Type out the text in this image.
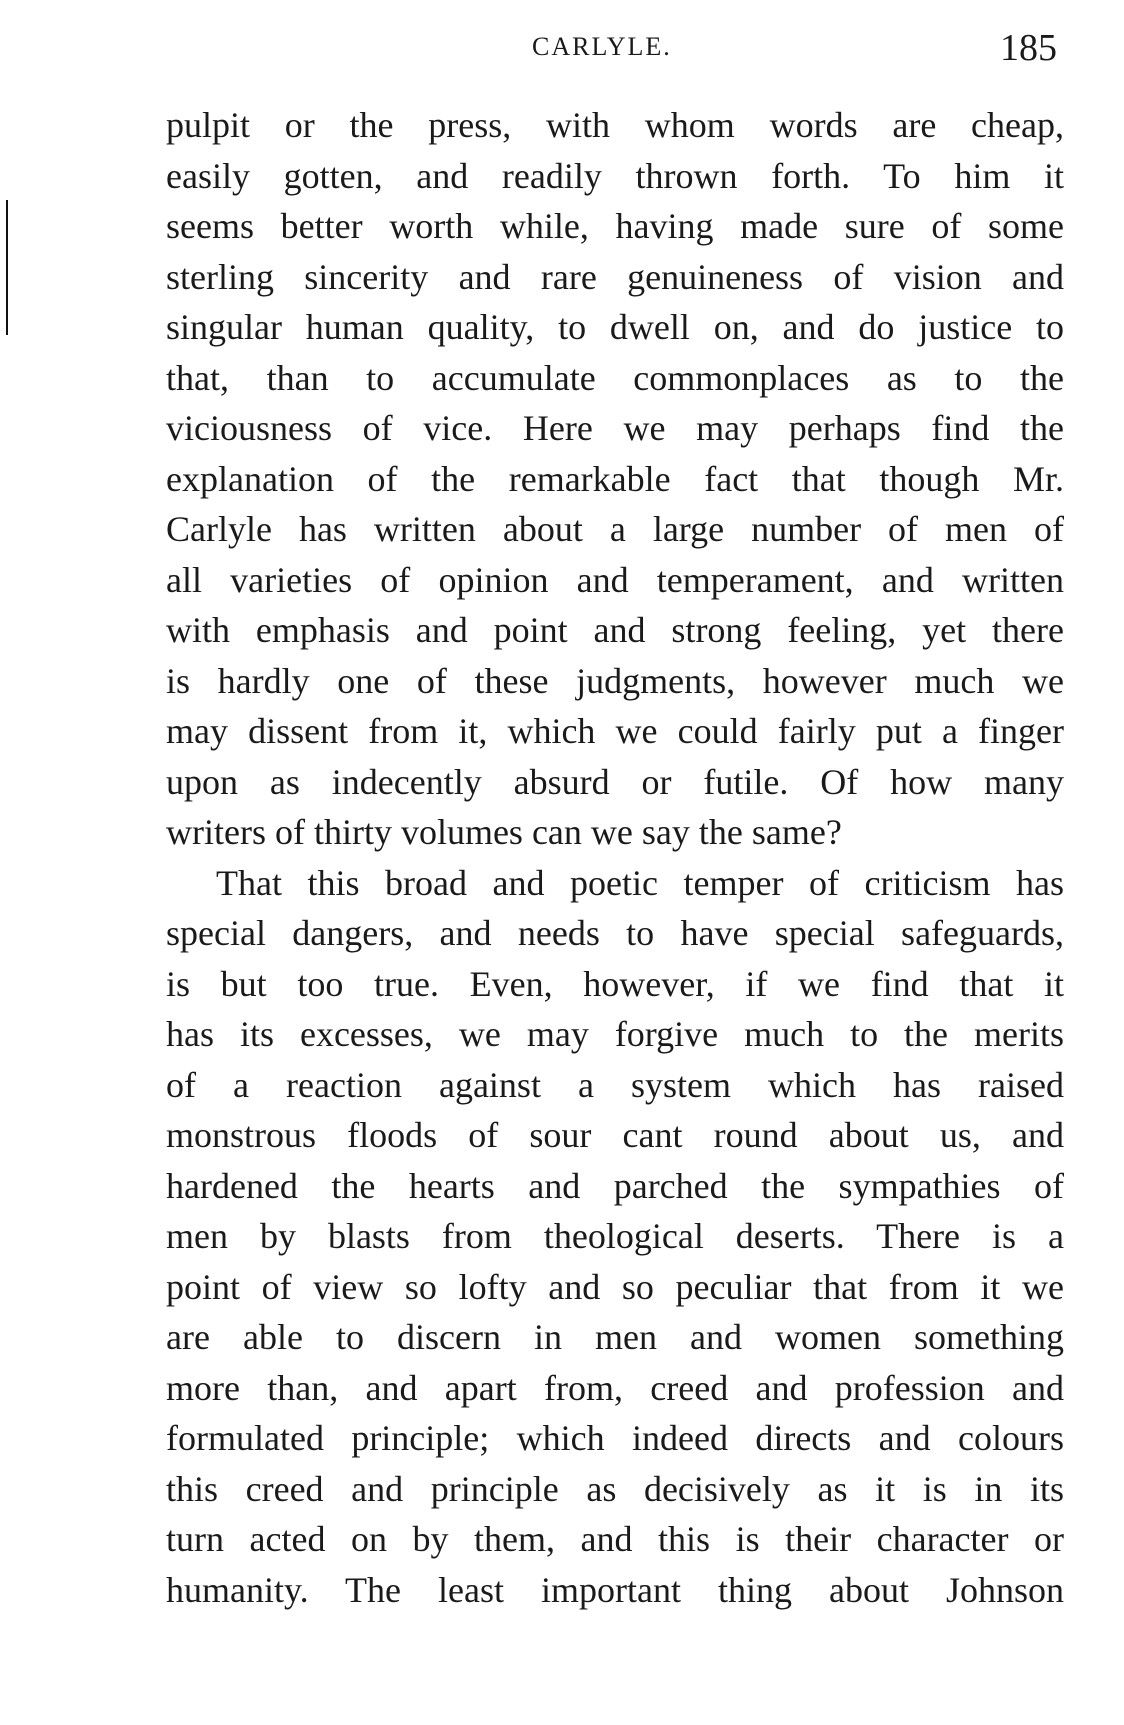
CARLYLE.	185
pulpit or the press, with whom words are cheap,
easily gotten, and readily thrown forth. To him it
seems better worth while, having made sure of some
sterling sincerity and rare genuineness of vision and
singular human quality, to dwell on, and do justice to
that, than to accumulate commonplaces as to the
viciousness of vice. Here we may perhaps find the
explanation of the remarkable fact that though Mr.
Carlyle has written about a large number of men of
all varieties of opinion and temperament, and written
with emphasis and point and strong feeling, yet there
is hardly one of these judgments, however much we
may dissent from it, which we could fairly put a finger
upon as indecently absurd or futile. Of how many
writers of thirty volumes can we say the same?
That this broad and poetic temper of criticism has
special dangers, and needs to have special safeguards,
is but too true. Even, however, if we find that it
has its excesses, we may forgive much to the merits
of a reaction against a system which has raised
monstrous floods of sour cant round about us, and
hardened the hearts and parched the sympathies of
men by blasts from theological deserts. There is a
point of view so lofty and so peculiar that from it we
are able to discern in men and women something
more than, and apart from, creed and profession and
formulated principle; which indeed directs and colours
this creed and principle as decisively as it is in its
turn acted on by them, and this is their character or
humanity. The least important thing about Johnson
